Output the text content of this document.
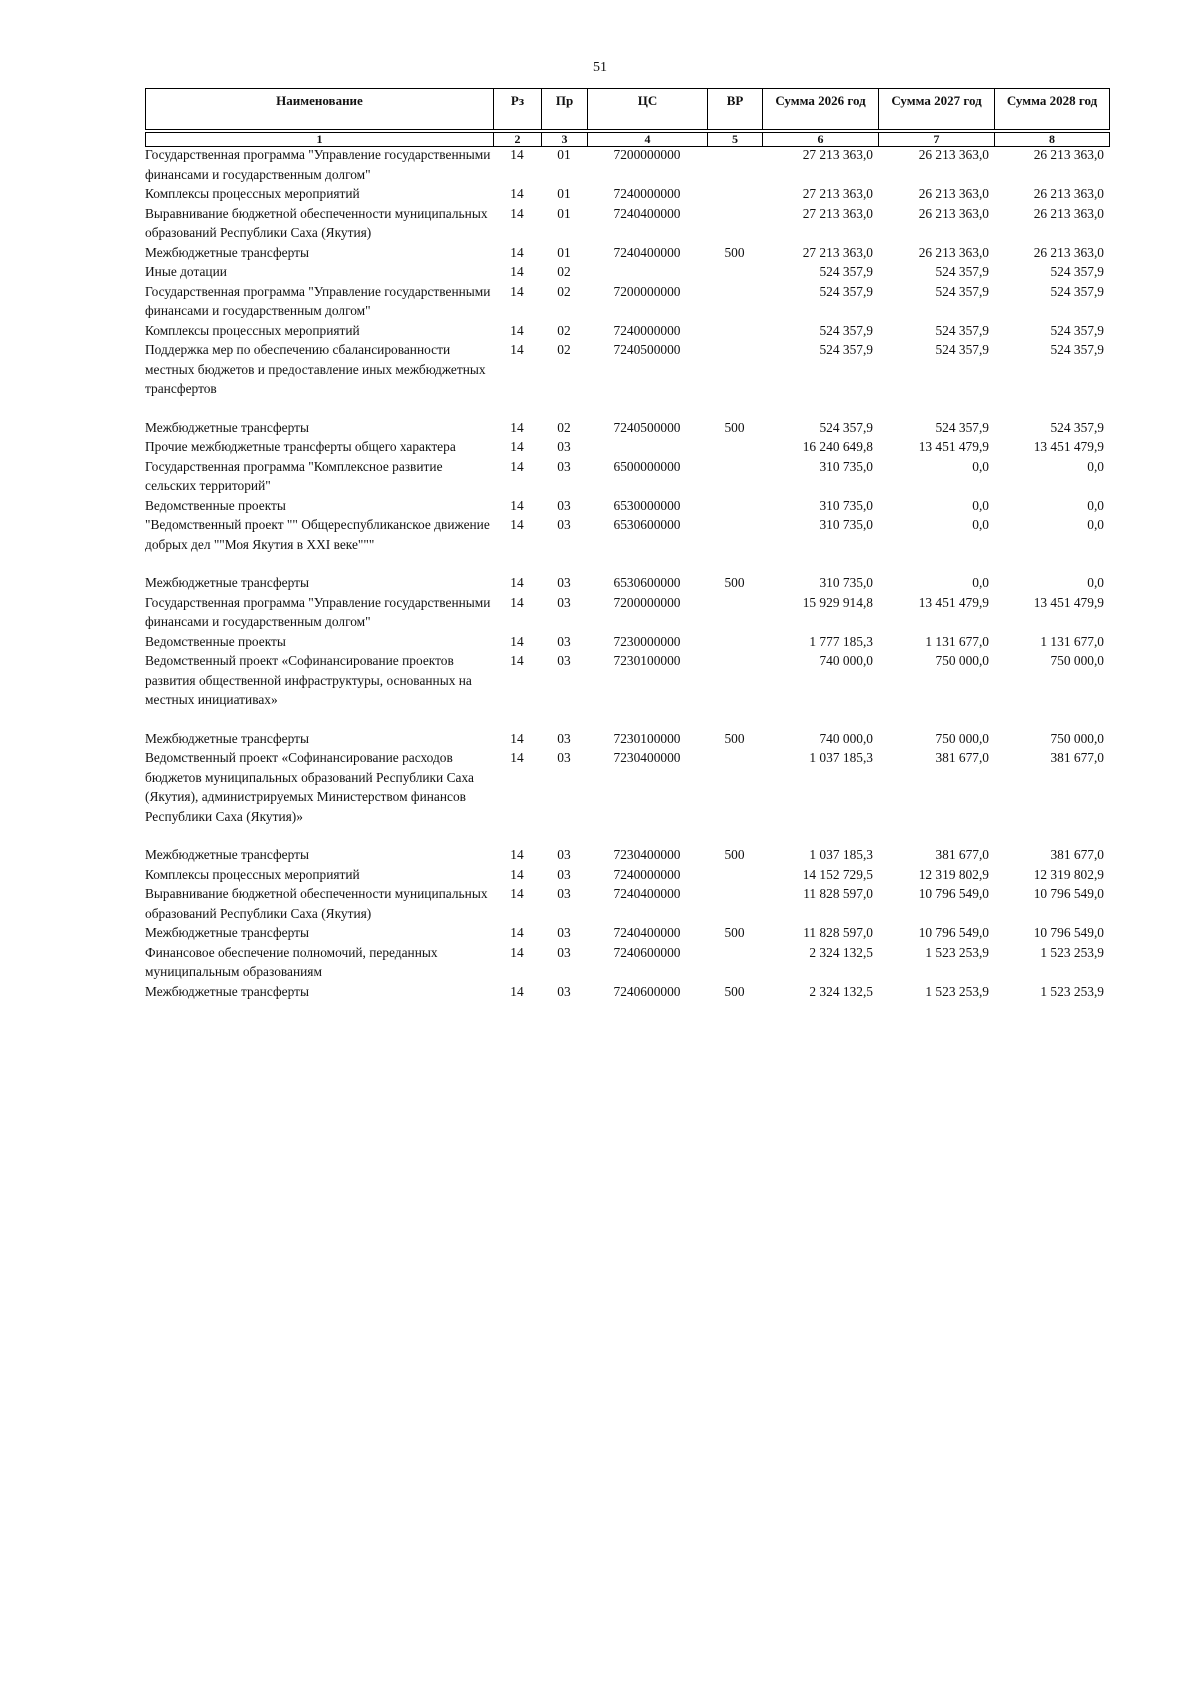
51
Наименование	Рз	Пр	ЦС	ВР	Сумма 2026 год	Сумма 2027 год	Сумма 2028 год

1	2	3	4	5	6	7	8
Государственная программа "Управление государственными финансами и государственным долгом"	14	01	7200000000		27 213 363,0	26 213 363,0	26 213 363,0
Комплексы процессных мероприятий	14	01	7240000000		27 213 363,0	26 213 363,0	26 213 363,0
Выравнивание бюджетной обеспеченности муниципальных образований Республики Саха (Якутия)	14	01	7240400000		27 213 363,0	26 213 363,0	26 213 363,0
Межбюджетные трансферты	14	01	7240400000	500	27 213 363,0	26 213 363,0	26 213 363,0
Иные дотации	14	02			524 357,9	524 357,9	524 357,9
Государственная программа "Управление государственными финансами и государственным долгом"	14	02	7200000000		524 357,9	524 357,9	524 357,9
Комплексы процессных мероприятий	14	02	7240000000		524 357,9	524 357,9	524 357,9
Поддержка мер по обеспечению сбалансированности местных бюджетов и предоставление иных межбюджетных трансфертов	14	02	7240500000		524 357,9	524 357,9	524 357,9
Межбюджетные трансферты	14	02	7240500000	500	524 357,9	524 357,9	524 357,9
Прочие межбюджетные трансферты общего характера	14	03			16 240 649,8	13 451 479,9	13 451 479,9
Государственная программа "Комплексное развитие сельских территорий"	14	03	6500000000		310 735,0	0,0	0,0
Ведомственные проекты	14	03	6530000000		310 735,0	0,0	0,0
"Ведомственный проект "" Общереспубликанское движение добрых дел ""Моя Якутия в XXI веке"""	14	03	6530600000		310 735,0	0,0	0,0
Межбюджетные трансферты	14	03	6530600000	500	310 735,0	0,0	0,0
Государственная программа "Управление государственными финансами и государственным долгом"	14	03	7200000000		15 929 914,8	13 451 479,9	13 451 479,9
Ведомственные проекты	14	03	7230000000		1 777 185,3	1 131 677,0	1 131 677,0
Ведомственный проект «Софинансирование проектов развития общественной инфраструктуры, основанных на местных инициативах»	14	03	7230100000		740 000,0	750 000,0	750 000,0
Межбюджетные трансферты	14	03	7230100000	500	740 000,0	750 000,0	750 000,0
Ведомственный проект «Софинансирование расходов бюджетов муниципальных образований Республики Саха (Якутия), администрируемых Министерством финансов Республики Саха (Якутия)»	14	03	7230400000		1 037 185,3	381 677,0	381 677,0
Межбюджетные трансферты	14	03	7230400000	500	1 037 185,3	381 677,0	381 677,0
Комплексы процессных мероприятий	14	03	7240000000		14 152 729,5	12 319 802,9	12 319 802,9
Выравнивание бюджетной обеспеченности муниципальных образований Республики Саха (Якутия)	14	03	7240400000		11 828 597,0	10 796 549,0	10 796 549,0
Межбюджетные трансферты	14	03	7240400000	500	11 828 597,0	10 796 549,0	10 796 549,0
Финансовое обеспечение полномочий, переданных муниципальным образованиям	14	03	7240600000		2 324 132,5	1 523 253,9	1 523 253,9
Межбюджетные трансферты	14	03	7240600000	500	2 324 132,5	1 523 253,9	1 523 253,9
